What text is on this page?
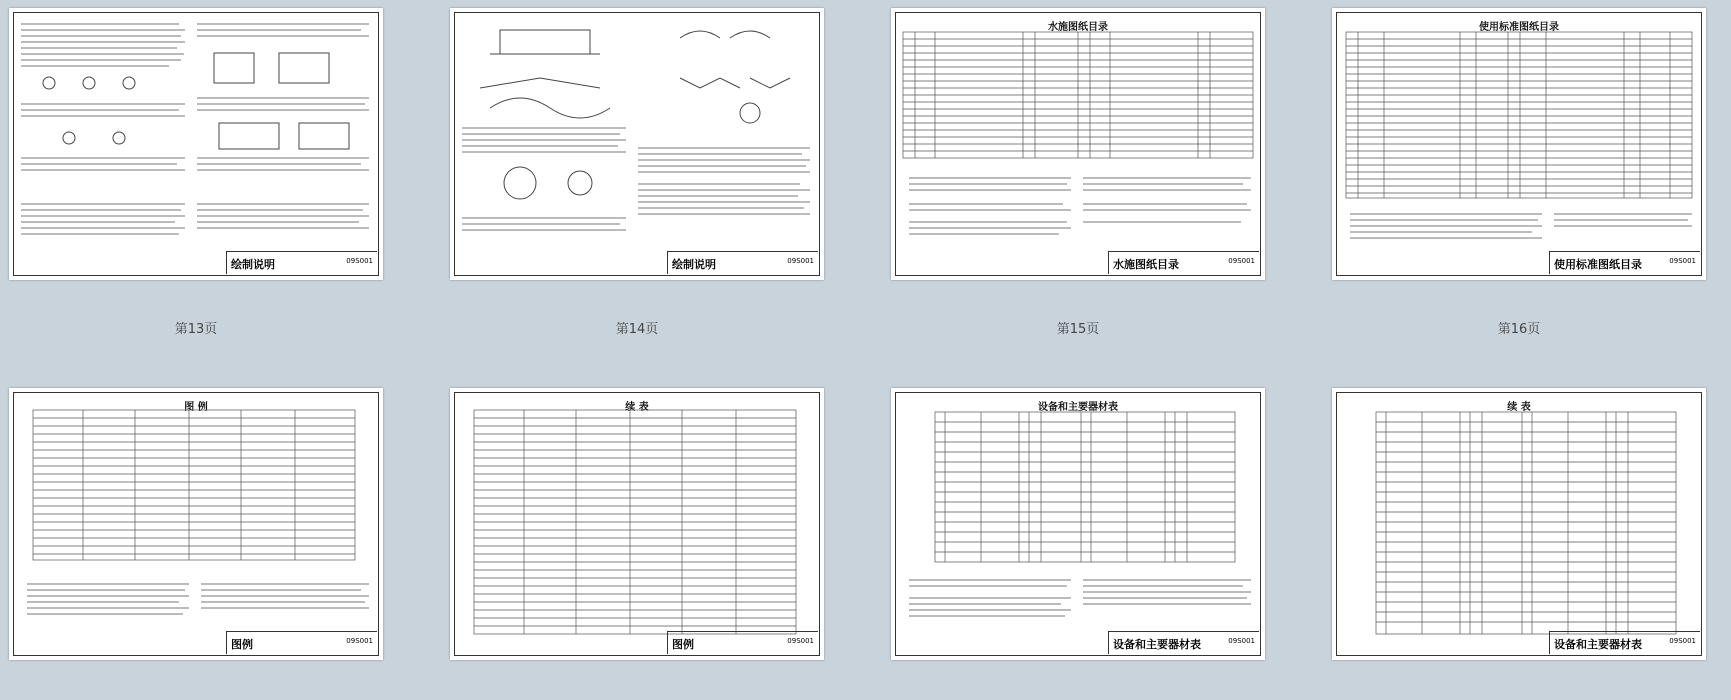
绘制说明	09S001
第13页
绘制说明	09S001
第14页
水施图纸目录
水施图纸目录	09S001
第15页
使用标准图纸目录
使用标准图纸目录	09S001
第16页
图 例
图例	09S001
续 表
图例	09S001
设备和主要器材表
设备和主要器材表	09S001
续 表
设备和主要器材表	09S001
